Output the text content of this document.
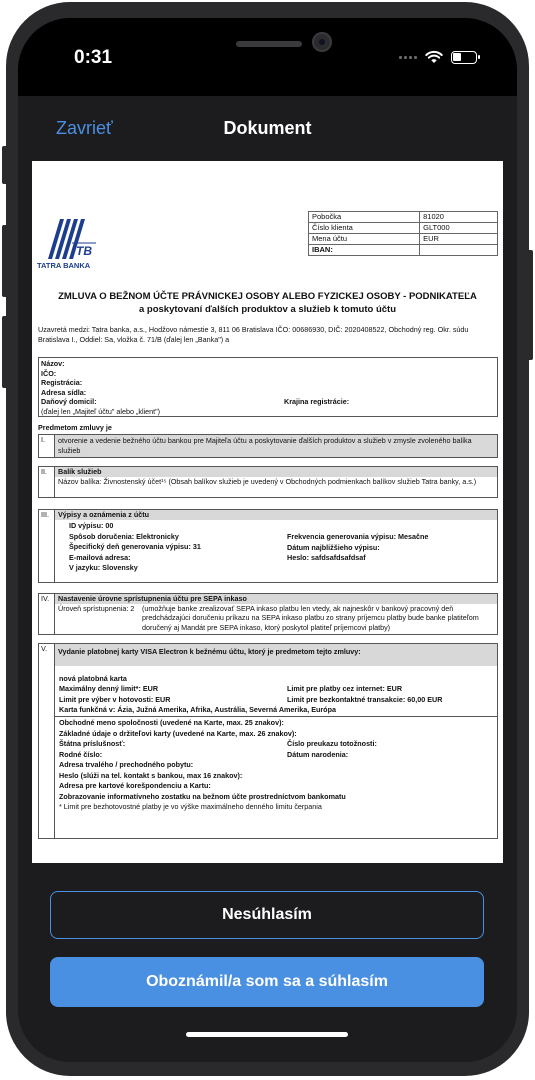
0:31
Zavrieť	Dokument
TB
TATRA BANKA
Pobočka	81020
Číslo klienta	GLT000
Mena účtu	EUR
IBAN:	
ZMLUVA O BEŽNOM ÚČTE PRÁVNICKEJ OSOBY ALEBO FYZICKEJ OSOBY - PODNIKATEĽA
a poskytovaní ďalších produktov a služieb k tomuto účtu
Uzavretá medzi: Tatra banka, a.s., Hodžovo námestie 3, 811 06 Bratislava IČO: 00686930, DIČ: 2020408522, Obchodný reg. Okr. súdu Bratislava I., Oddiel: Sa, vložka č. 71/B (ďalej len „Banka") a
Názov:
IČO:
Registrácia:
Adresa sídla:
Daňový domicil:	Krajina registrácie:
(ďalej len „Majiteľ účtu" alebo „klient")
Predmetom zmluvy je
I.	otvorenie a vedenie bežného účtu bankou pre Majiteľa účtu a poskytovanie ďalších produktov a služieb v zmysle zvoleného balíka služieb
II.	Balík služieb
Názov balíka: Živnostenský účet¹⁵ (Obsah balíkov služieb je uvedený v Obchodných podmienkach balíkov služieb Tatra banky, a.s.)
III.	Výpisy a oznámenia z účtu
ID výpisu: 00
Spôsob doručenia: Elektronicky
Špecifický deň generovania výpisu: 31
E-mailová adresa:
V jazyku: Slovensky
Frekvencia generovania výpisu: Mesačne
Dátum najbližšieho výpisu:
Heslo: safdsafdsafdsaf
IV.	Nastavenie úrovne sprístupnenia účtu pre SEPA inkaso
Úroveň sprístupnenia: 2	(umožňuje banke zrealizovať SEPA inkaso platbu len vtedy, ak najneskôr v bankový pracovný deň predchádzajúci doručeniu príkazu na SEPA inkaso platbu zo strany príjemcu platby bude banke platiteľom doručený aj Mandát pre SEPA inkaso, ktorý poskytol platiteľ príjemcovi platby)
V.	Vydanie platobnej karty VISA Electron k bežnému účtu, ktorý je predmetom tejto zmluvy:
nová platobná karta
Maximálny denný limit*: EUR
Limit pre výber v hotovosti: EUR
Limit pre platby cez internet: EUR
Limit pre bezkontaktné transakcie: 60,00 EUR
Karta funkčná v: Ázia, Južná Amerika, Afrika, Austrália, Severná Amerika, Európa
Obchodné meno spoločnosti (uvedené na Karte, max. 25 znakov):
Základné údaje o držiteľovi karty (uvedené na Karte, max. 26 znakov):
Štátna príslušnosť:	Číslo preukazu totožnosti:
Rodné číslo:	Dátum narodenia:
Adresa trvalého / prechodného pobytu:
Heslo (slúži na tel. kontakt s bankou, max 16 znakov):
Adresa pre kartové korešpondenciu a Kartu:
Zobrazovanie informatívneho zostatku na bežnom účte prostredníctvom bankomatu
* Limit pre bezhotovostné platby je vo výške maximálneho denného limitu čerpania
Nesúhlasím
Oboznámil/a som sa a súhlasím
